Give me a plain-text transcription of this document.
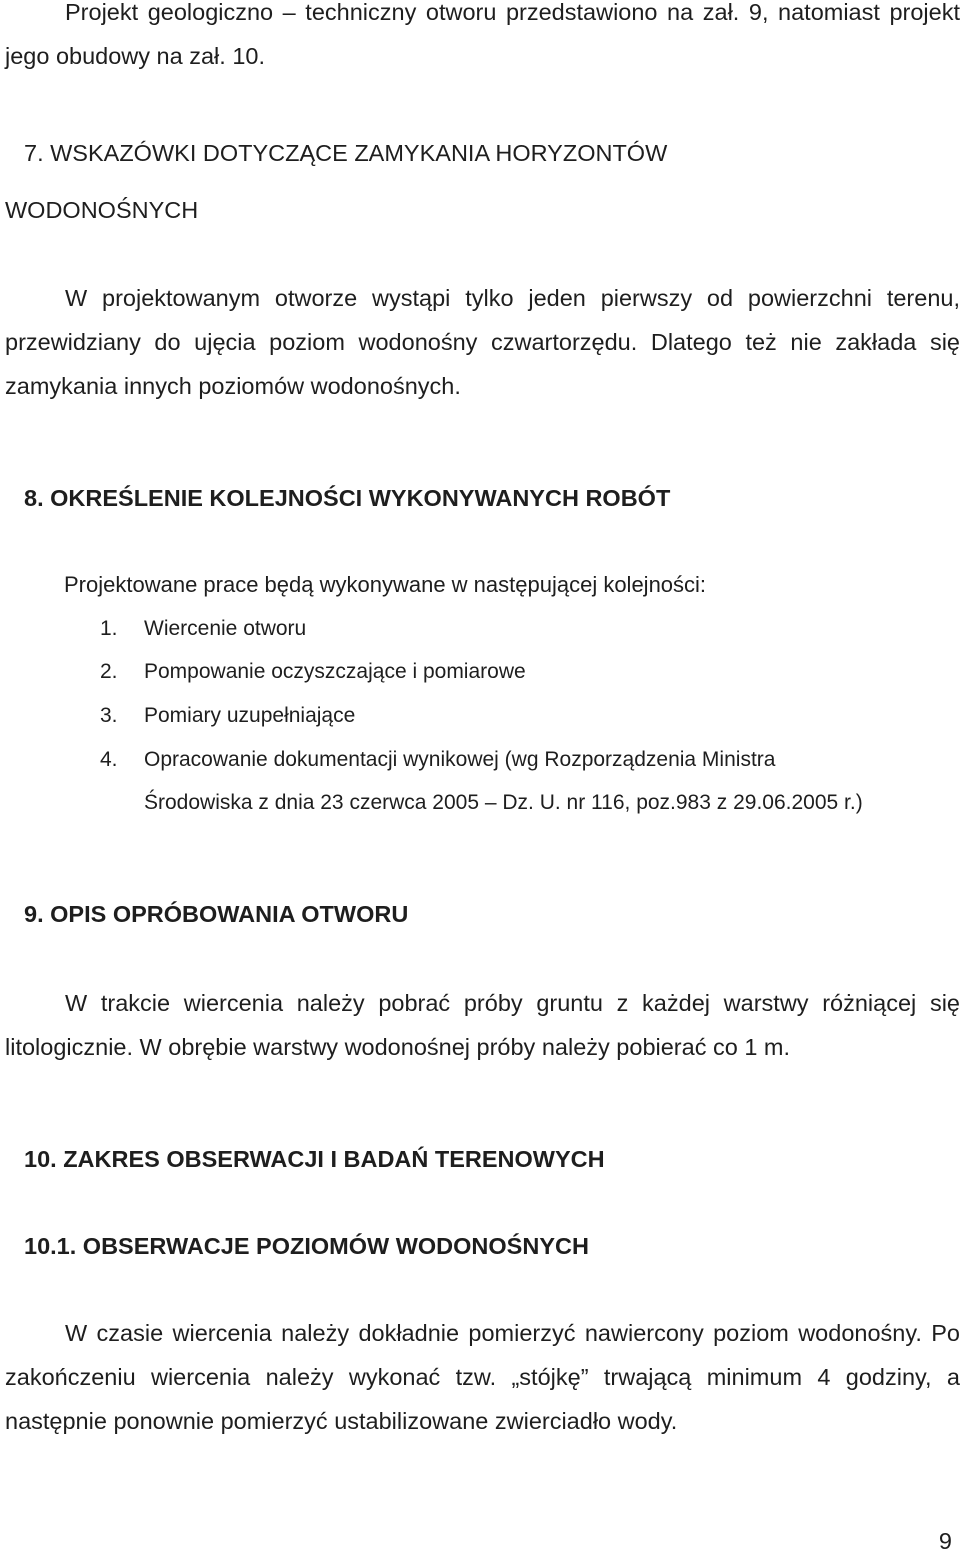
Projekt geologiczno – techniczny otworu przedstawiono na zał. 9, natomiast projekt jego obudowy na zał. 10.

7. WSKAZÓWKI DOTYCZĄCE ZAMYKANIA HORYZONTÓW
WODONOŚNYCH

W projektowanym otworze wystąpi tylko jeden pierwszy od powierzchni terenu, przewidziany do ujęcia poziom wodonośny czwartorzędu. Dlatego też nie zakłada się zamykania innych poziomów wodonośnych.

8. OKREŚLENIE KOLEJNOŚCI WYKONYWANYCH ROBÓT

Projektowane prace będą wykonywane w następującej kolejności:

1. Wiercenie otworu

2. Pompowanie oczyszczające i pomiarowe

3. Pomiary uzupełniające

4. Opracowanie dokumentacji wynikowej (wg Rozporządzenia Ministra

Środowiska z dnia 23 czerwca 2005 – Dz. U. nr 116, poz.983 z 29.06.2005 r.)

9. OPIS OPRÓBOWANIA OTWORU

W trakcie wiercenia należy pobrać próby gruntu z każdej warstwy różniącej się litologicznie. W obrębie warstwy wodonośnej próby należy pobierać co 1 m.

10. ZAKRES OBSERWACJI I BADAŃ TERENOWYCH
10.1. OBSERWACJE POZIOMÓW WODONOŚNYCH

W czasie wiercenia należy dokładnie pomierzyć nawiercony poziom wodonośny. Po zakończeniu wiercenia należy wykonać tzw. „stójkę” trwającą minimum 4 godziny, a następnie ponownie pomierzyć ustabilizowane zwierciadło wody.

9
